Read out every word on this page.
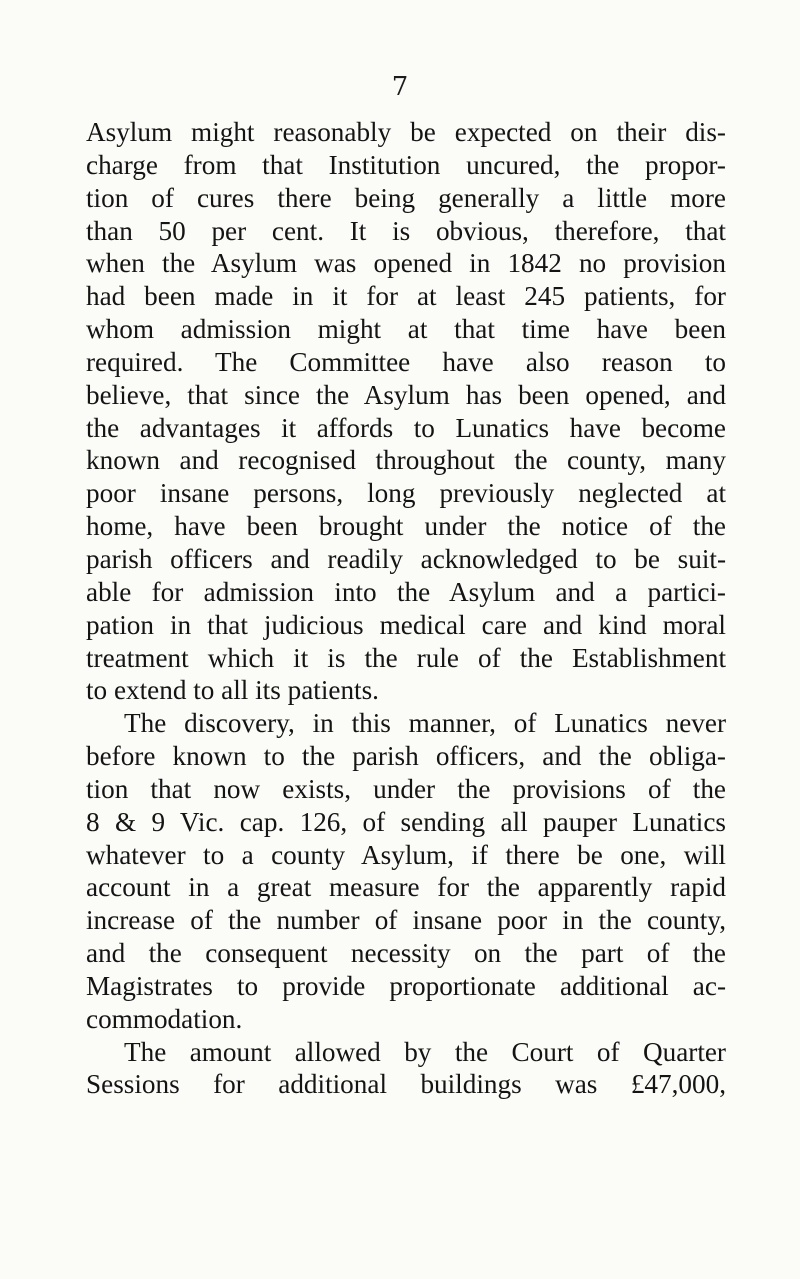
7
Asylum might reasonably be expected on their dis-
charge from that Institution uncured, the propor-
tion of cures there being generally a little more
than 50 per cent. It is obvious, therefore, that
when the Asylum was opened in 1842 no provision
had been made in it for at least 245 patients, for
whom admission might at that time have been
required. The Committee have also reason to
believe, that since the Asylum has been opened, and
the advantages it affords to Lunatics have become
known and recognised throughout the county, many
poor insane persons, long previously neglected at
home, have been brought under the notice of the
parish officers and readily acknowledged to be suit-
able for admission into the Asylum and a partici-
pation in that judicious medical care and kind moral
treatment which it is the rule of the Establishment
to extend to all its patients.
The discovery, in this manner, of Lunatics never
before known to the parish officers, and the obliga-
tion that now exists, under the provisions of the
8 & 9 Vic. cap. 126, of sending all pauper Lunatics
whatever to a county Asylum, if there be one, will
account in a great measure for the apparently rapid
increase of the number of insane poor in the county,
and the consequent necessity on the part of the
Magistrates to provide proportionate additional ac-
commodation.
The amount allowed by the Court of Quarter
Sessions for additional buildings was £47,000,
